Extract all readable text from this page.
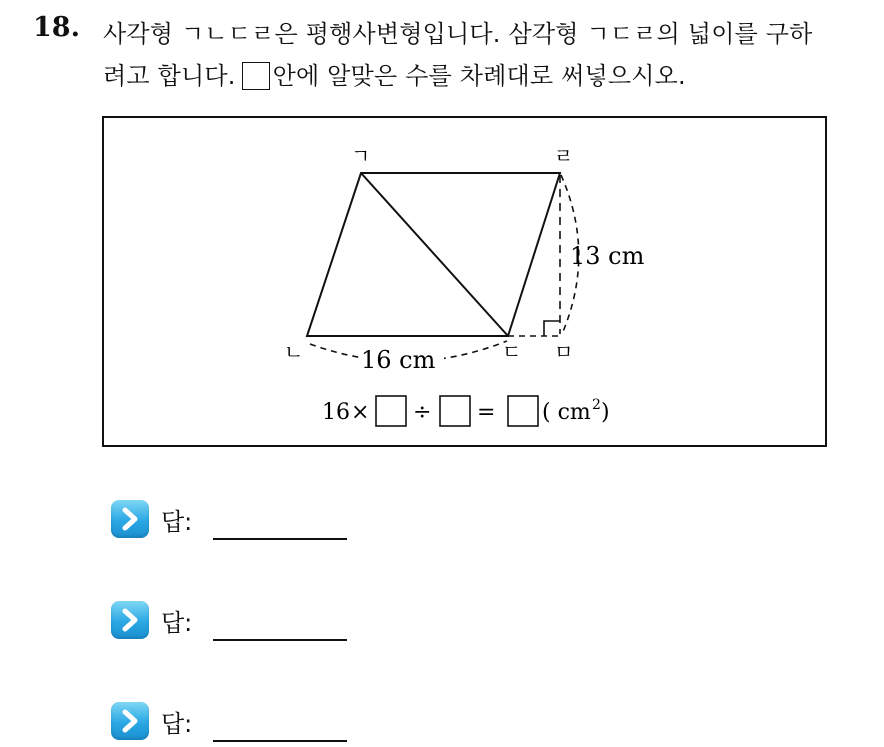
18. 사각형 ㄱㄴㄷㄹ은 평행사변형입니다. 삼각형 ㄱㄷㄹ의 넓이를 구하
려고 합니다. 안에 알맞은 수를 차례대로 써넣으시오.
ㄱ	ㄹ
ㄴ	ㄷ ㅁ
16 cm
13 cm
16 × ÷ = ( cm 2 )
답:
답:
답:
